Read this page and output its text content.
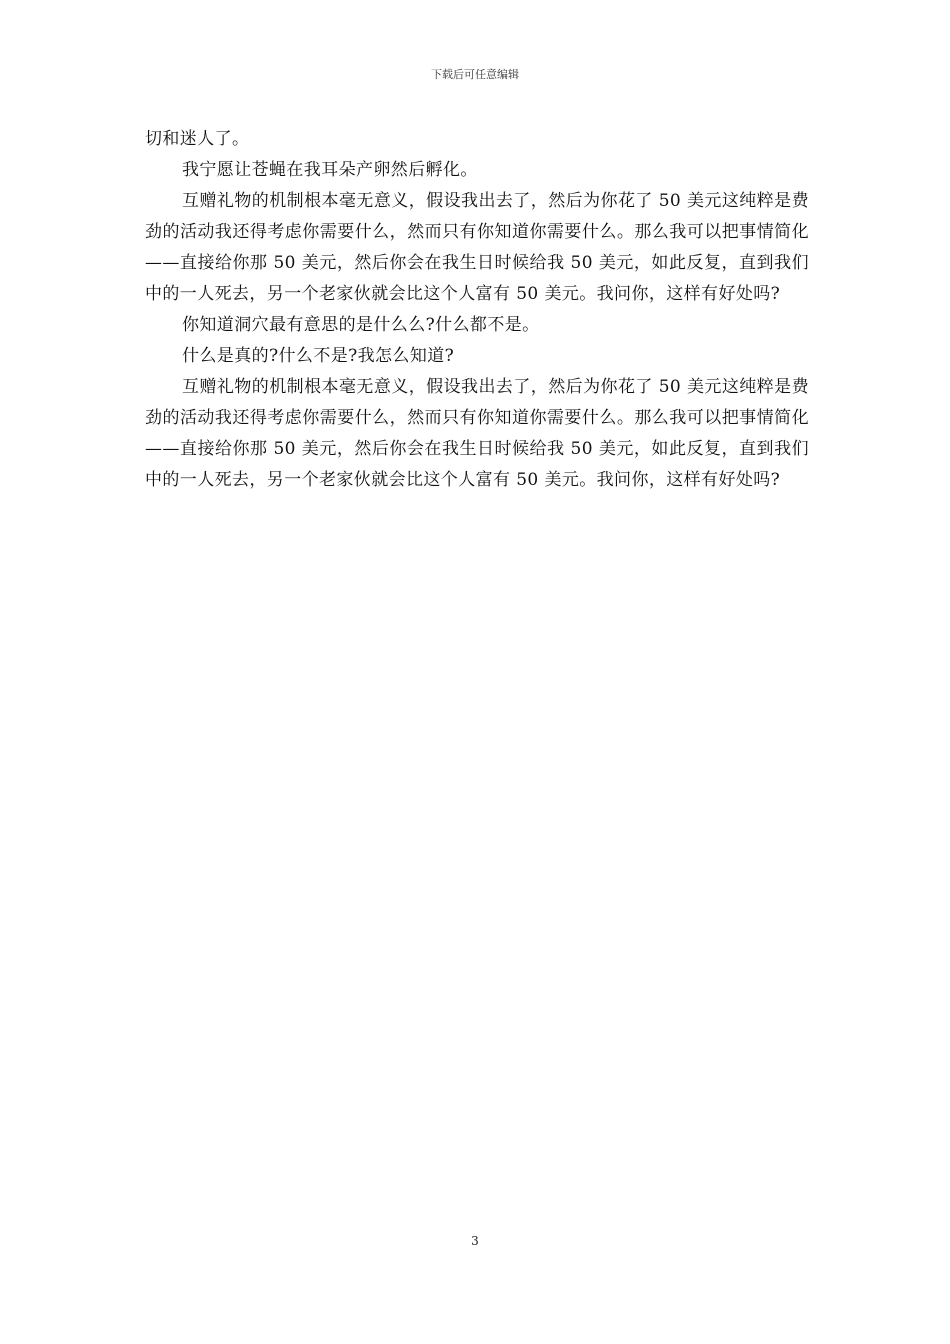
下载后可任意编辑

切和迷人了。

我宁愿让苍蝇在我耳朵产卵然后孵化。

互赠礼物的机制根本毫无意义，假设我出去了，然后为你花了 50 美元这纯粹是费劲的活动我还得考虑你需要什么，然而只有你知道你需要什么。那么我可以把事情简化——直接给你那 50 美元，然后你会在我生日时候给我 50 美元，如此反复，直到我们中的一人死去，另一个老家伙就会比这个人富有 50 美元。我问你，这样有好处吗?

你知道洞穴最有意思的是什么么?什么都不是。

什么是真的?什么不是?我怎么知道?

互赠礼物的机制根本毫无意义，假设我出去了，然后为你花了 50 美元这纯粹是费劲的活动我还得考虑你需要什么，然而只有你知道你需要什么。那么我可以把事情简化——直接给你那 50 美元，然后你会在我生日时候给我 50 美元，如此反复，直到我们中的一人死去，另一个老家伙就会比这个人富有 50 美元。我问你，这样有好处吗?

3
